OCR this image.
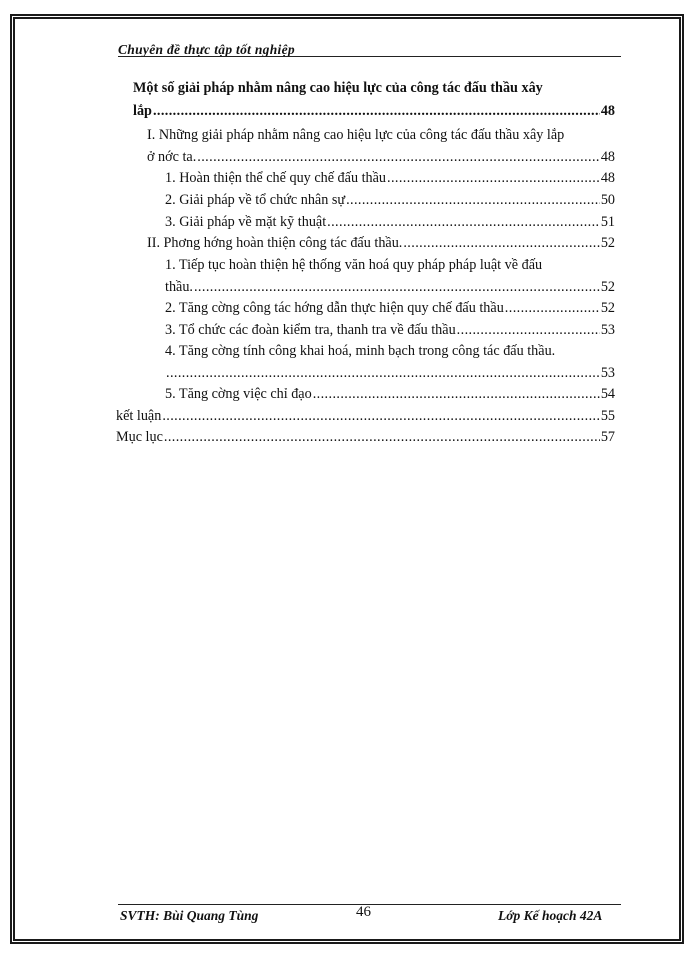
Chuyên đề thực tập tốt nghiệp
Một số giải pháp nhằm nâng cao hiệu lực của công tác đấu thầu xây
lắp .....	48
I. Những giải pháp nhằm nâng cao hiệu lực của công tác đấu thầu xây lắp
ở nớc ta. .....	48
1. Hoàn thiện thể chế quy chế đấu thầu .....	48
2. Giải pháp về tổ chức nhân sự .....	50
3. Giải pháp về mặt kỹ thuật .....	51
II. Phơng hớng hoàn thiện công tác đấu thầu. .....	52
1. Tiếp tục hoàn thiện hệ thống văn hoá quy pháp pháp luật về đấu
thầu. .....	52
2. Tăng cờng công tác hớng dẫn thực hiện quy chế đấu thầu .....	52
3. Tổ chức các đoàn kiểm tra, thanh tra về đấu thầu .....	53
4. Tăng cờng tính công khai hoá, minh bạch trong công tác đấu thầu.
.....
53
5. Tăng cờng việc chỉ đạo .....	54
kết luận .....	55
Mục lục .....	57
SVTH: Bùi Quang Tùng	46	Lớp Kế hoạch 42A
